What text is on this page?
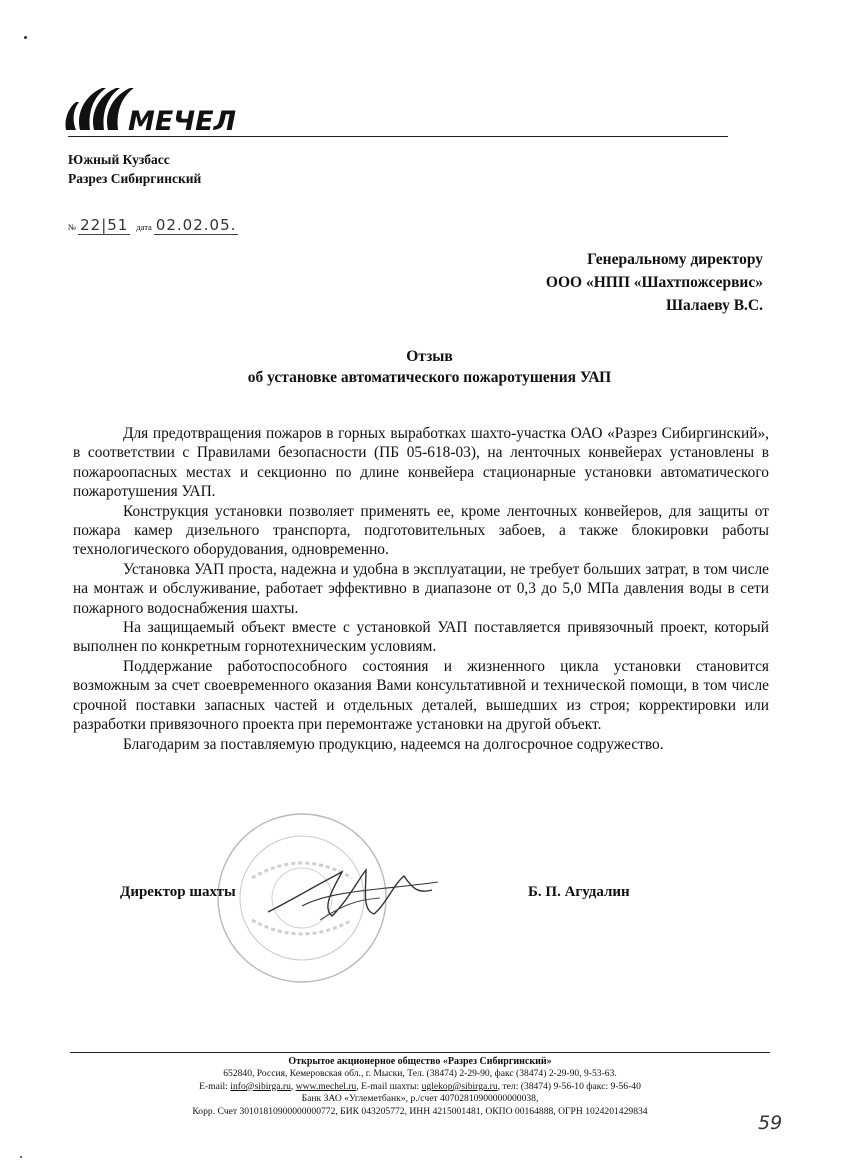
МЕЧЕЛ
Южный Кузбасс
Разрез Сибиргинский
№ 22|51 дата 02.02.05.
Генеральному директору
ООО «НПП «Шахтпожсервис»
Шалаеву В.С.
Отзыв
об установке автоматического пожаротушения УАП

Для предотвращения пожаров в горных выработках шахто-участка ОАО «Разрез Сибиргинский», в соответствии с Правилами безопасности (ПБ 05-618-03), на ленточных конвейерах установлены в пожароопасных местах и секционно по длине конвейера стационарные установки автоматического пожаротушения УАП.

Конструкция установки позволяет применять ее, кроме ленточных конвейеров, для защиты от пожара камер дизельного транспорта, подготовительных забоев, а также блокировки работы технологического оборудования, одновременно.

Установка УАП проста, надежна и удобна в эксплуатации, не требует больших затрат, в том числе на монтаж и обслуживание, работает эффективно в диапазоне от 0,3 до 5,0 МПа давления воды в сети пожарного водоснабжения шахты.

На защищаемый объект вместе с установкой УАП поставляется привязочный проект, который выполнен по конкретным горнотехническим условиям.

Поддержание работоспособного состояния и жизненного цикла установки становится возможным за счет своевременного оказания Вами консультативной и технической помощи, в том числе срочной поставки запасных частей и отдельных деталей, вышедших из строя; корректировки или разработки привязочного проекта при перемонтаже установки на другой объект.

Благодарим за поставляемую продукцию, надеемся на долгосрочное содружество.

Директор шахты	Б. П. Агудалин
Открытое акционерное общество «Разрез Сибиргинский»
652840, Россия, Кемеровская обл., г. Мыски, Тел. (38474) 2-29-90, факс (38474) 2-29-90, 9-53-63.
E-mail: info@sibirga.ru, www.mechel.ru, E-mail шахты: uglekop@sibirga.ru, тел: (38474) 9-56-10 факс: 9-56-40
Банк ЗАО «Углеметбанк», р./счет 40702810900000000038,
Корр. Счет 30101810900000000772, БИК 043205772, ИНН 4215001481, ОКПО 00164888, ОГРН 1024201429834
59
